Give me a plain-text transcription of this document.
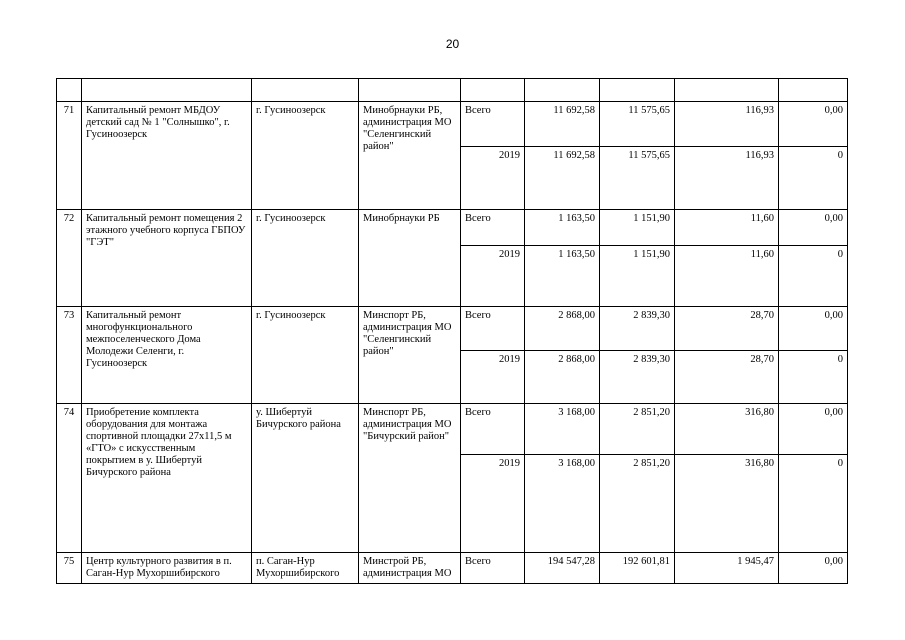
20

71	Капитальный ремонт МБДОУ детский сад № 1 "Солнышко", г. Гусиноозерск	г. Гусиноозерск	Минобрнауки РБ, администрация МО "Селенгинский район"	Всего	11 692,58	11 575,65	116,93	0,00
				2019	11 692,58	11 575,65	116,93	0
72	Капитальный ремонт помещения 2 этажного учебного корпуса ГБПОУ "ГЭТ"	г. Гусиноозерск	Минобрнауки РБ	Всего	1 163,50	1 151,90	11,60	0,00
				2019	1 163,50	1 151,90	11,60	0
73	Капитальный ремонт многофункционального межпоселенческого Дома Молодежи Селенги, г. Гусиноозерск	г. Гусиноозерск	Минспорт РБ, администрация МО "Селенгинский район"	Всего	2 868,00	2 839,30	28,70	0,00
				2019	2 868,00	2 839,30	28,70	0
74	Приобретение комплекта оборудования для монтажа спортивной площадки 27х11,5 м «ГТО» с искусственным покрытием в у. Шибертуй Бичурского района	у. Шибертуй Бичурского района	Минспорт РБ, администрация МО "Бичурский район"	Всего	3 168,00	2 851,20	316,80	0,00
				2019	3 168,00	2 851,20	316,80	0
75	Центр культурного развития в п. Саган-Нур Мухоршибирского	п. Саган-Нур Мухоршибирского	Минстрой РБ, администрация МО	Всего	194 547,28	192 601,81	1 945,47	0,00
